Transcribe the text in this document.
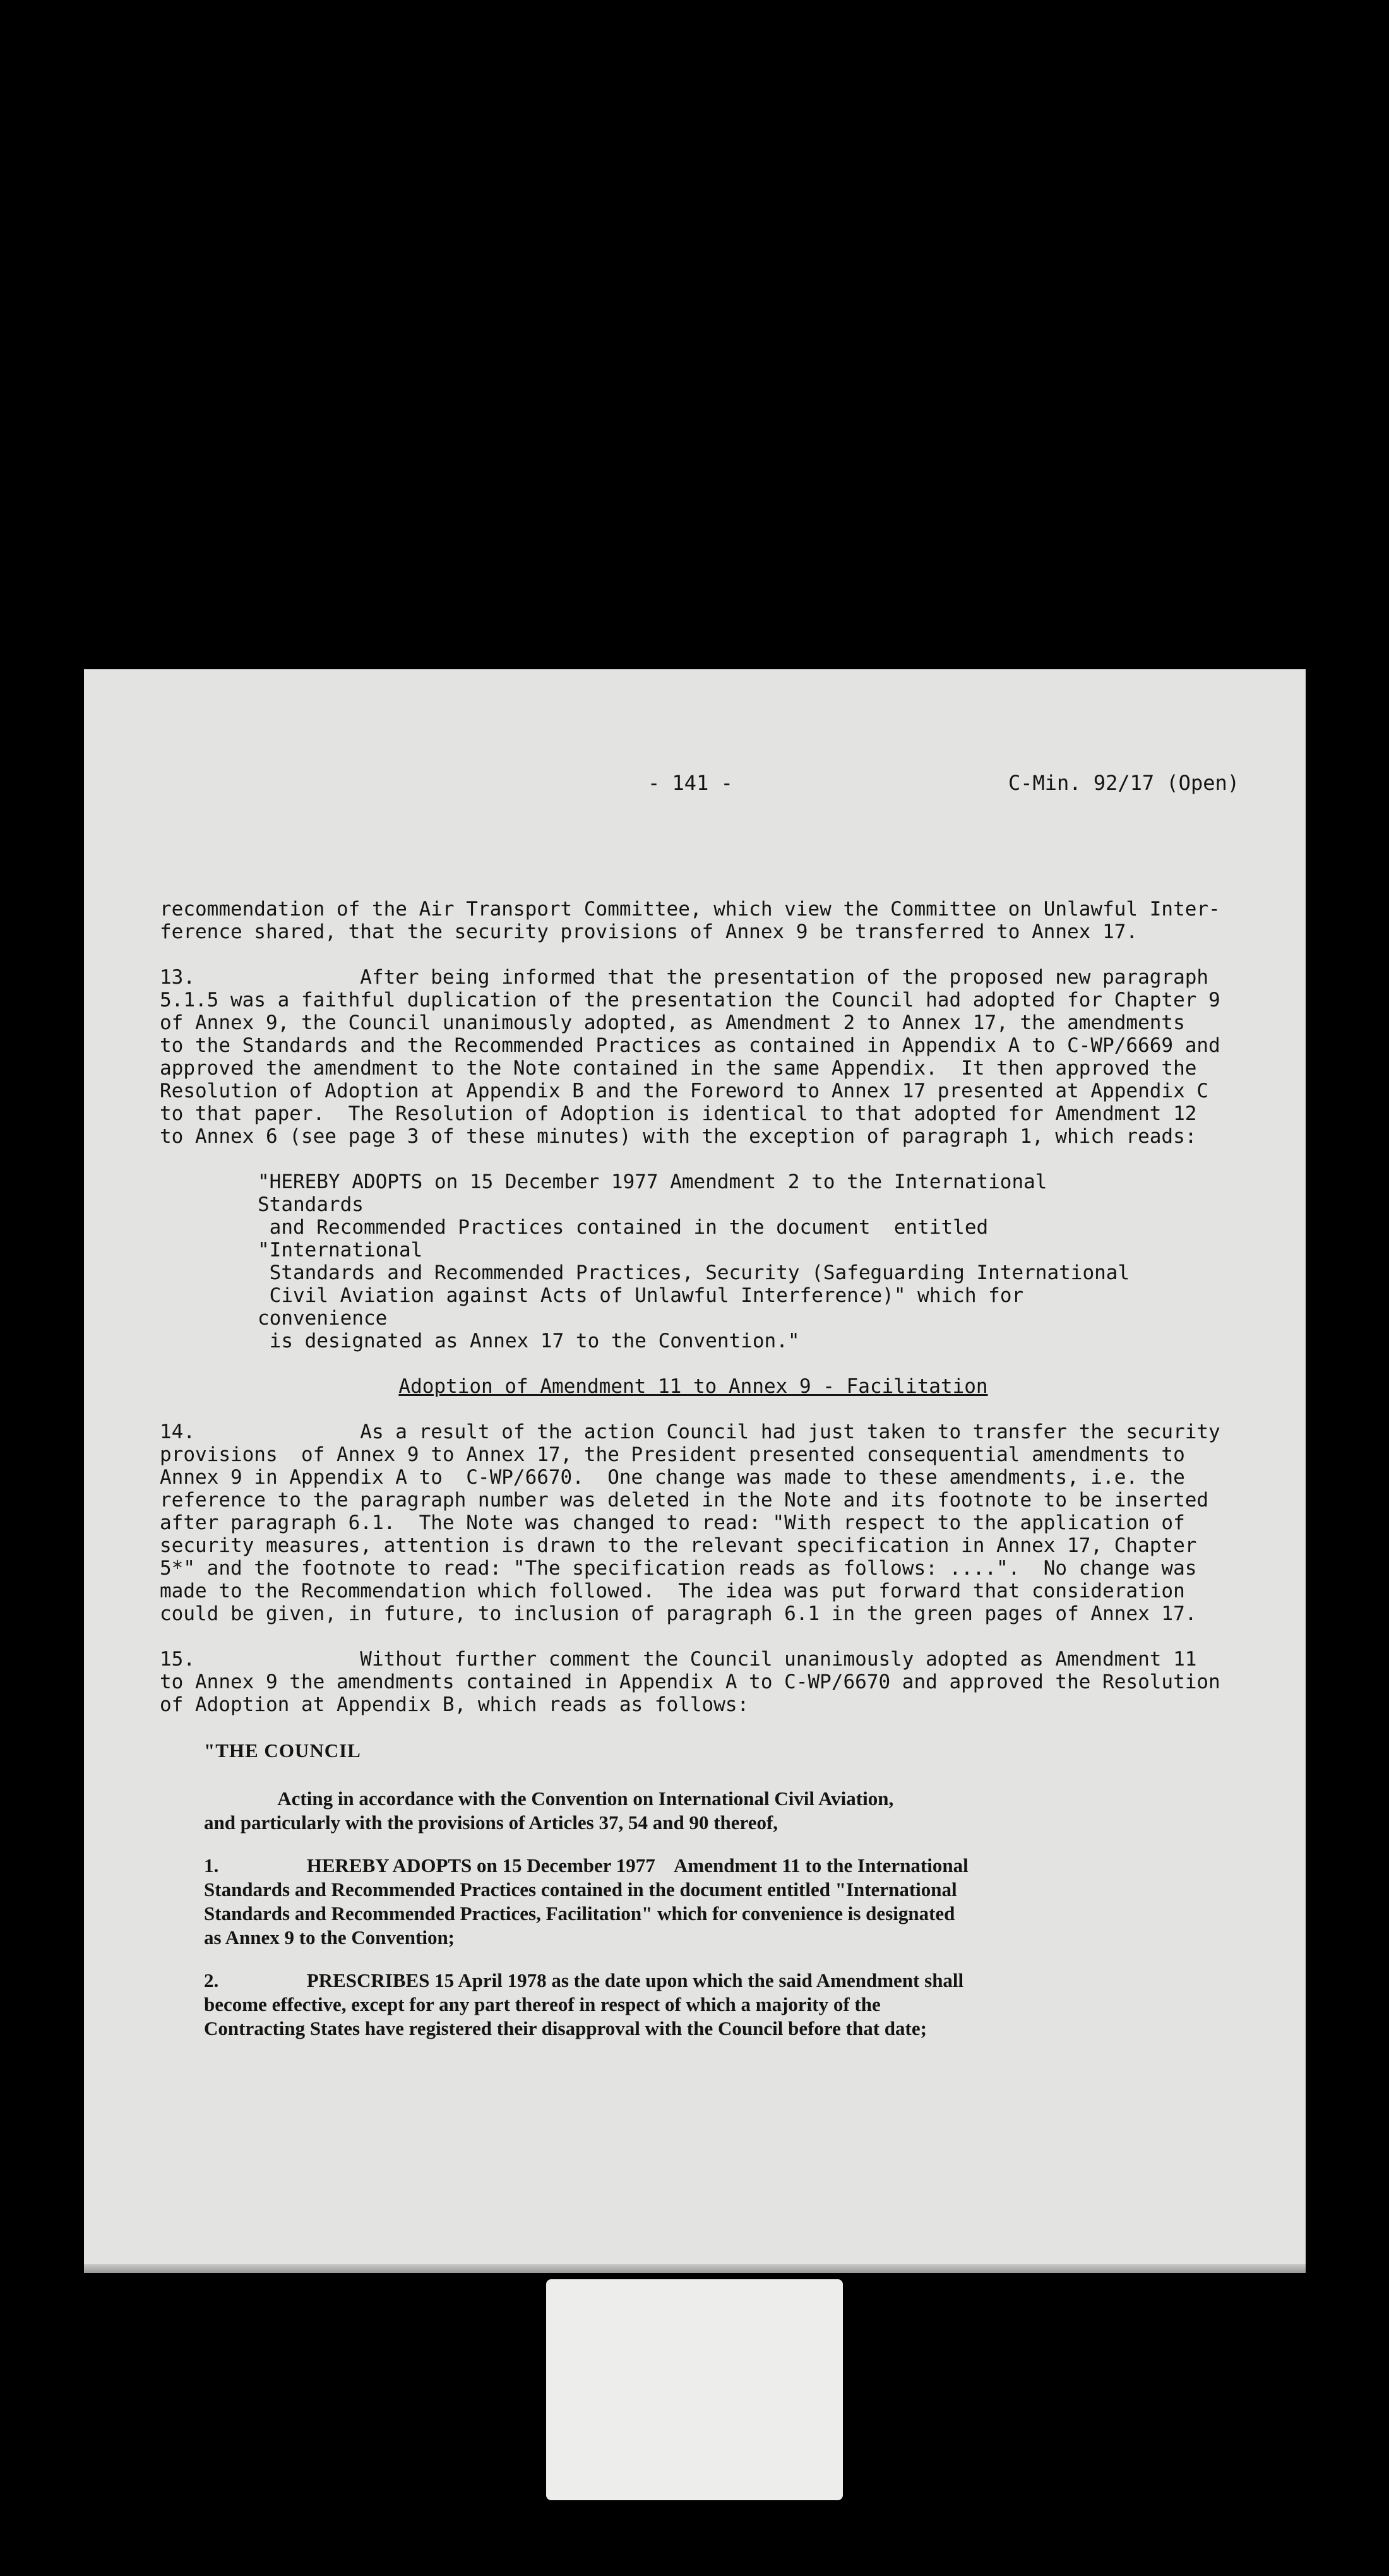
- 141 -	C-Min. 92/17 (Open)

recommendation of the Air Transport Committee, which view the Committee on Unlawful Inter-
ference shared, that the security provisions of Annex 9 be transferred to Annex 17.

13.              After being informed that the presentation of the proposed new paragraph
5.1.5 was a faithful duplication of the presentation the Council had adopted for Chapter 9
of Annex 9, the Council unanimously adopted, as Amendment 2 to Annex 17, the amendments
to the Standards and the Recommended Practices as contained in Appendix A to C-WP/6669 and
approved the amendment to the Note contained in the same Appendix.  It then approved the
Resolution of Adoption at Appendix B and the Foreword to Annex 17 presented at Appendix C
to that paper.  The Resolution of Adoption is identical to that adopted for Amendment 12
to Annex 6 (see page 3 of these minutes) with the exception of paragraph 1, which reads:

"HEREBY ADOPTS on 15 December 1977 Amendment 2 to the International Standards
and Recommended Practices contained in the document  entitled "International
Standards and Recommended Practices, Security (Safeguarding International
Civil Aviation against Acts of Unlawful Interference)" which for convenience
is designated as Annex 17 to the Convention."

Adoption of Amendment 11 to Annex 9 - Facilitation

14.              As a result of the action Council had just taken to transfer the security
provisions  of Annex 9 to Annex 17, the President presented consequential amendments to
Annex 9 in Appendix A to  C-WP/6670.  One change was made to these amendments, i.e. the
reference to the paragraph number was deleted in the Note and its footnote to be inserted
after paragraph 6.1.  The Note was changed to read: "With respect to the application of
security measures, attention is drawn to the relevant specification in Annex 17, Chapter
5*" and the footnote to read: "The specification reads as follows: ....".  No change was
made to the Recommendation which followed.  The idea was put forward that consideration
could be given, in future, to inclusion of paragraph 6.1 in the green pages of Annex 17.

15.              Without further comment the Council unanimously adopted as Amendment 11
to Annex 9 the amendments contained in Appendix A to C-WP/6670 and approved the Resolution
of Adoption at Appendix B, which reads as follows:

"THE COUNCIL

Acting in accordance with the Convention on International Civil Aviation,
and particularly with the provisions of Articles 37, 54 and 90 thereof,

1.                  HEREBY ADOPTS on 15 December 1977    Amendment 11 to the International
Standards and Recommended Practices contained in the document entitled "International
Standards and Recommended Practices, Facilitation" which for convenience is designated
as Annex 9 to the Convention;

2.                  PRESCRIBES 15 April 1978 as the date upon which the said Amendment shall
become effective, except for any part thereof in respect of which a majority of the
Contracting States have registered their disapproval with the Council before that date;
